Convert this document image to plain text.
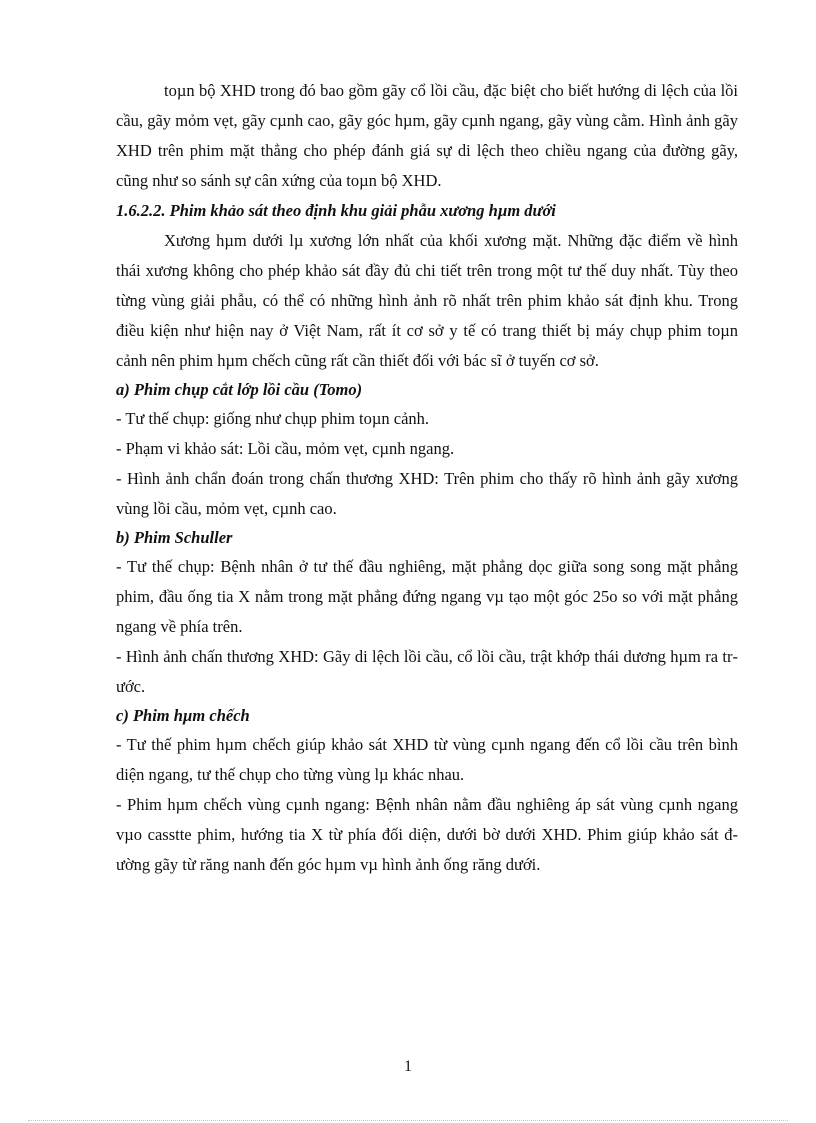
toµn bộ XHD trong đó bao gồm gãy cổ lồi cầu, đặc biệt cho biết hướng di lệch của lồi cầu, gãy mỏm vẹt, gãy cµnh cao, gãy góc hµm, gãy cµnh ngang, gãy vùng cằm. Hình ảnh gãy XHD trên phim mặt thẳng cho phép đánh giá sự di lệch theo chiều ngang của đường gãy, cũng như so sánh sự cân xứng của toµn bộ XHD.

1.6.2.2. Phim khảo sát theo định khu giải phẫu xương hµm dưới

Xương hµm dưới lµ xương lớn nhất của khối xương mặt. Những đặc điểm về hình thái xương không cho phép khảo sát đầy đủ chi tiết trên trong một tư thế duy nhất. Tùy theo từng vùng giải phẫu, có thể có những hình ảnh rõ nhất trên phim khảo sát định khu. Trong điều kiện như hiện nay ở Việt Nam, rất ít cơ sở y tế có trang thiết bị máy chụp phim toµn cảnh nên phim hµm chếch cũng rất cần thiết đối với bác sĩ ở tuyến cơ sở.

a) Phim chụp cắt lớp lồi cầu (Tomo)

- Tư thế chụp: giống như chụp phim toµn cảnh.

- Phạm vi khảo sát: Lồi cầu, mỏm vẹt, cµnh ngang.

- Hình ảnh chẩn đoán trong chấn thương XHD: Trên phim cho thấy rõ hình ảnh gãy xương vùng lồi cầu, mỏm vẹt, cµnh cao.

b) Phim Schuller

- Tư thế chụp: Bệnh nhân ở tư thế đầu nghiêng, mặt phẳng dọc giữa song song mặt phẳng phim, đầu ống tia X nằm trong mặt phẳng đứng ngang vµ tạo một góc 25o so với mặt phẳng ngang về phía trên.

- Hình ảnh chấn thương XHD: Gãy di lệch lồi cầu, cổ lồi cầu, trật khớp thái dương hµm ra trước.

c) Phim hµm chếch

- Tư thế phim hµm chếch giúp khảo sát XHD từ vùng cµnh ngang đến cổ lồi cầu trên bình diện ngang, tư thế chụp cho từng vùng lµ khác nhau.

- Phim hµm chếch vùng cµnh ngang: Bệnh nhân nằm đầu nghiêng áp sát vùng cµnh ngang vµo casstte phim, hướng tia X từ phía đối diện, dưới bờ dưới XHD. Phim giúp khảo sát đường gãy từ răng nanh đến góc hµm vµ hình ảnh ống răng dưới.

1
